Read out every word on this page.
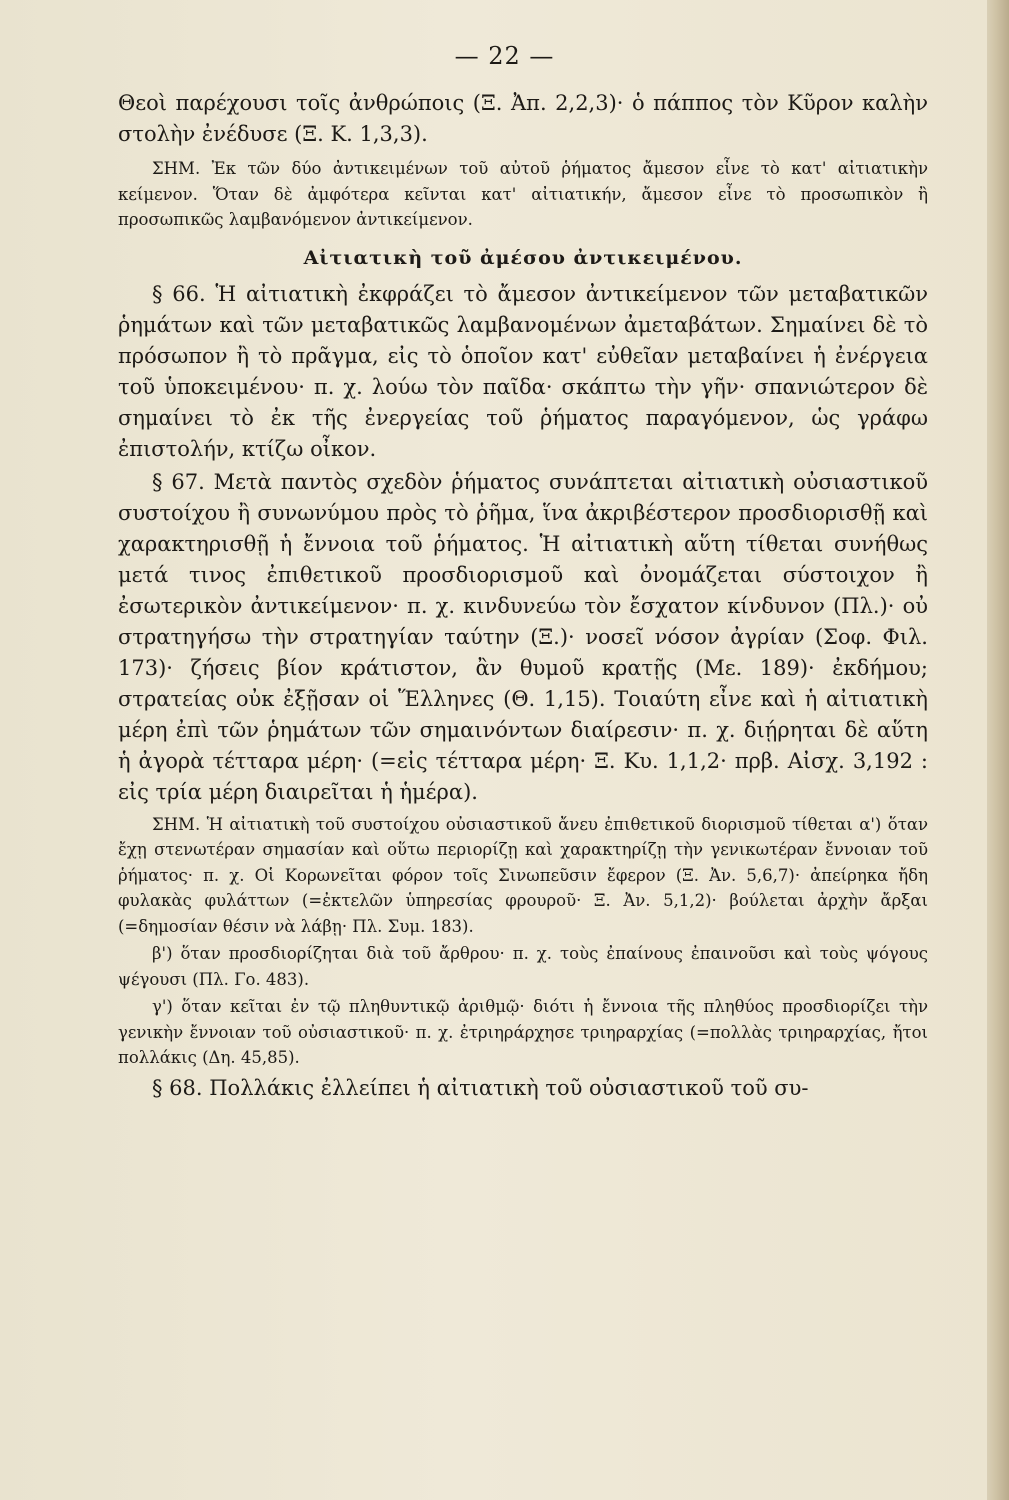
— 22 —

Θεοὶ παρέχουσι τοῖς ἀνθρώποις (Ξ. Ἀπ. 2,2,3)· ὁ πάππος τὸν Κῦρον καλὴν στολὴν ἐνέδυσε (Ξ. Κ. 1,3,3).

ΣΗΜ. Ἐκ τῶν δύο ἀντικειμένων τοῦ αὐτοῦ ῥήματος ἄμεσον εἶνε τὸ κατ' αἰτιατικὴν κείμενον. Ὅταν δὲ ἀμφότερα κεῖνται κατ' αἰτιατικήν, ἄμεσον εἶνε τὸ προσωπικὸν ἢ προσωπικῶς λαμβανόμενον ἀντικείμενον.

Αἰτιατικὴ τοῦ ἀμέσου ἀντικειμένου.

§ 66. Ἡ αἰτιατικὴ ἐκφράζει τὸ ἄμεσον ἀντικείμενον τῶν μεταβατικῶν ῥημάτων καὶ τῶν μεταβατικῶς λαμβανομένων ἀμεταβάτων. Σημαίνει δὲ τὸ πρόσωπον ἢ τὸ πρᾶγμα, εἰς τὸ ὁποῖον κατ' εὐθεῖαν μεταβαίνει ἡ ἐνέργεια τοῦ ὑποκειμένου· π. χ. λούω τὸν παῖδα· σκάπτω τὴν γῆν· σπανιώτερον δὲ σημαίνει τὸ ἐκ τῆς ἐνεργείας τοῦ ῥήματος παραγόμενον, ὡς γράφω ἐπιστολήν, κτίζω οἶκον.

§ 67. Μετὰ παντὸς σχεδὸν ῥήματος συνάπτεται αἰτιατικὴ οὐσιαστικοῦ συστοίχου ἢ συνωνύμου πρὸς τὸ ῥῆμα, ἵνα ἀκριβέστερον προσδιορισθῇ καὶ χαρακτηρισθῇ ἡ ἔννοια τοῦ ῥήματος. Ἡ αἰτιατικὴ αὕτη τίθεται συνήθως μετά τινος ἐπιθετικοῦ προσδιορισμοῦ καὶ ὀνομάζεται σύστοιχον ἢ ἐσωτερικὸν ἀντικείμενον· π. χ. κινδυνεύω τὸν ἔσχατον κίνδυνον (Πλ.)· οὐ στρατηγήσω τὴν στρατηγίαν ταύτην (Ξ.)· νοσεῖ νόσον ἀγρίαν (Σοφ. Φιλ. 173)· ζήσεις βίον κράτιστον, ἂν θυμοῦ κρατῇς (Με. 189)· ἐκδήμου; στρατείας οὐκ ἐξῇσαν οἱ Ἕλληνες (Θ. 1,15). Τοιαύτη εἶνε καὶ ἡ αἰτιατικὴ μέρη ἐπὶ τῶν ῥημάτων τῶν σημαινόντων διαίρεσιν· π. χ. διῄρηται δὲ αὕτη ἡ ἀγορὰ τέτταρα μέρη· (=εἰς τέτταρα μέρη· Ξ. Κυ. 1,1,2· πρβ. Αἰσχ. 3,192 : εἰς τρία μέρη διαιρεῖται ἡ ἡμέρα).

ΣΗΜ. Ἡ αἰτιατικὴ τοῦ συστοίχου οὐσιαστικοῦ ἄνευ ἐπιθετικοῦ διορισμοῦ τίθεται α') ὅταν ἔχῃ στενωτέραν σημασίαν καὶ οὕτω περιορίζῃ καὶ χαρακτηρίζῃ τὴν γενικωτέραν ἔννοιαν τοῦ ῥήματος· π. χ. Οἱ Κορωνεῖται φόρον τοῖς Σινωπεῦσιν ἔφερον (Ξ. Ἀν. 5,6,7)· ἀπείρηκα ἤδη φυλακὰς φυλάττων (=ἐκτελῶν ὑπηρεσίας φρουροῦ· Ξ. Ἀν. 5,1,2)· βούλεται ἀρχὴν ἄρξαι (=δημοσίαν θέσιν νὰ λάβῃ· Πλ. Συμ. 183).

β') ὅταν προσδιορίζηται διὰ τοῦ ἄρθρου· π. χ. τοὺς ἐπαίνους ἐπαινοῦσι καὶ τοὺς ψόγους ψέγουσι (Πλ. Γο. 483).

γ') ὅταν κεῖται ἐν τῷ πληθυντικῷ ἀριθμῷ· διότι ἡ ἔννοια τῆς πληθύος προσδιορίζει τὴν γενικὴν ἔννοιαν τοῦ οὐσιαστικοῦ· π. χ. ἐτριηράρχησε τριηραρχίας (=πολλὰς τριηραρχίας, ἤτοι πολλάκις (Δη. 45,85).

§ 68. Πολλάκις ἐλλείπει ἡ αἰτιατικὴ τοῦ οὐσιαστικοῦ τοῦ συ-
